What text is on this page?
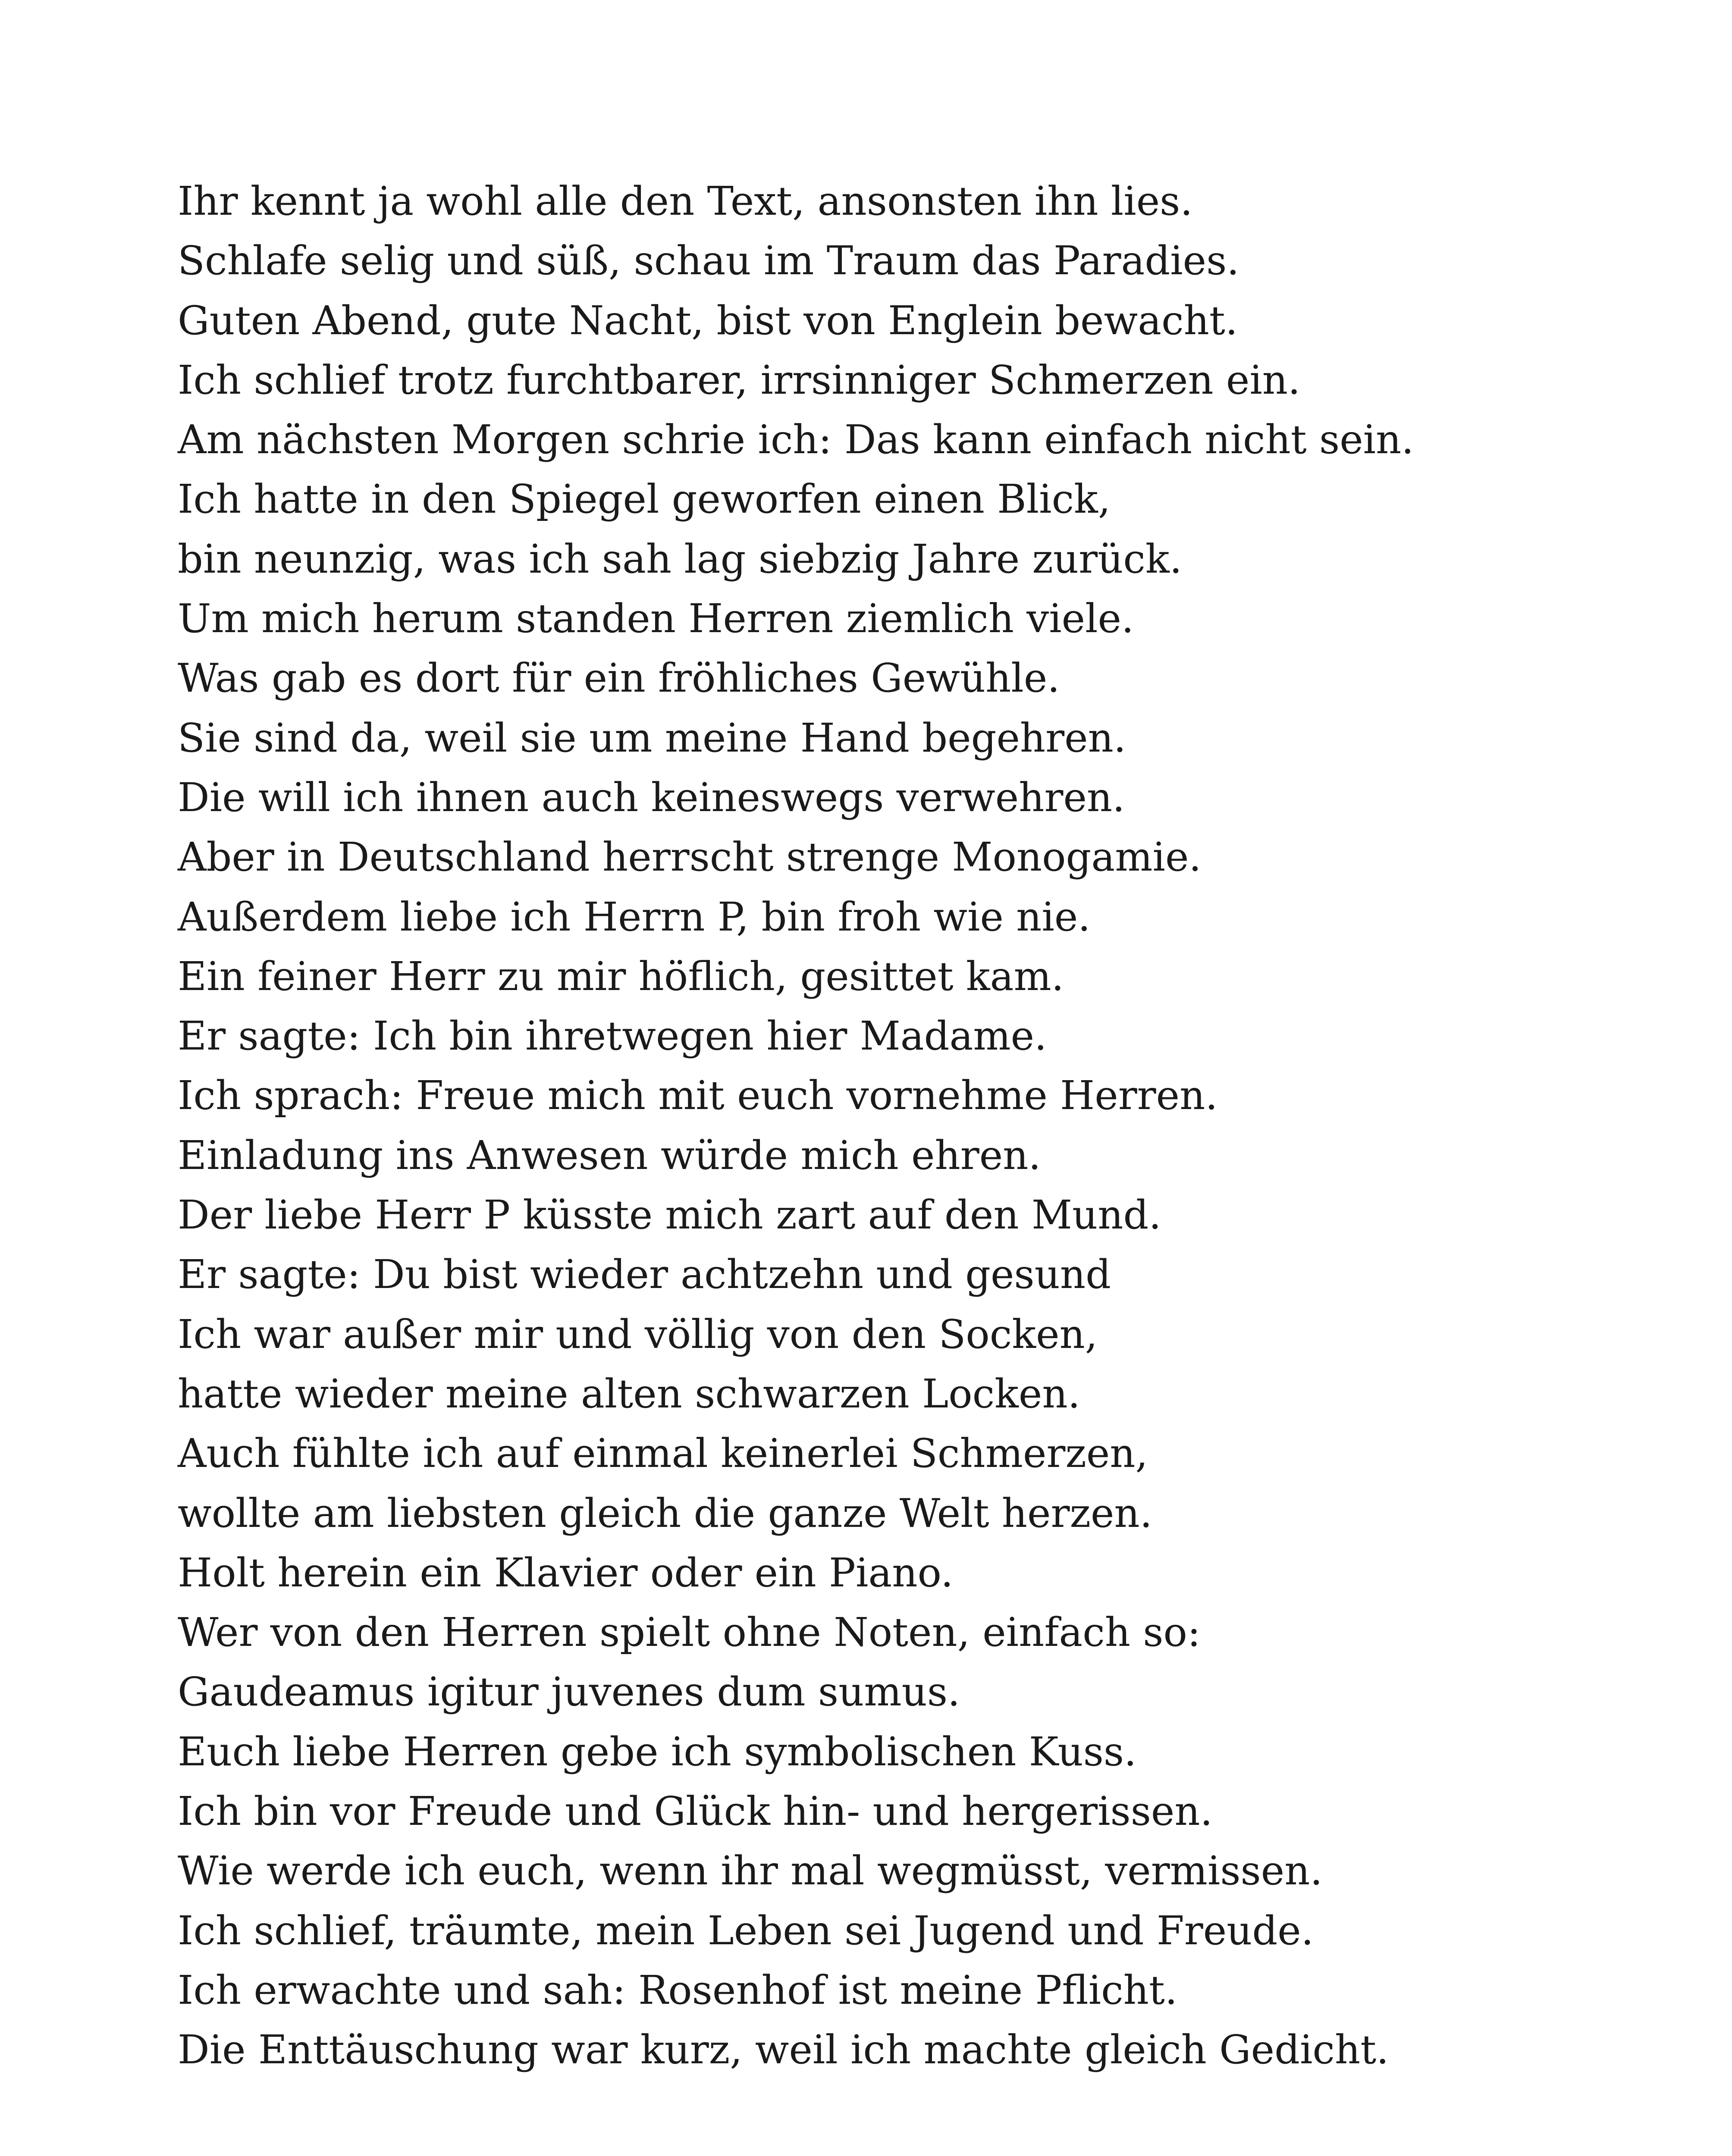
Ihr kennt ja wohl alle den Text, ansonsten ihn lies.

Schlafe selig und süß, schau im Traum das Paradies.

Guten Abend, gute Nacht, bist von Englein bewacht.

Ich schlief trotz furchtbarer, irrsinniger Schmerzen ein.

Am nächsten Morgen schrie ich: Das kann einfach nicht sein.

Ich hatte in den Spiegel geworfen einen Blick,

bin neunzig, was ich sah lag siebzig Jahre zurück.

Um mich herum standen Herren ziemlich viele.

Was gab es dort für ein fröhliches Gewühle.

Sie sind da, weil sie um meine Hand begehren.

Die will ich ihnen auch keineswegs verwehren.

Aber in Deutschland herrscht strenge Monogamie.

Außerdem liebe ich Herrn P, bin froh wie nie.

Ein feiner Herr zu mir höflich, gesittet kam.

Er sagte: Ich bin ihretwegen hier Madame.

Ich sprach: Freue mich mit euch vornehme Herren.

Einladung ins Anwesen würde mich ehren.

Der liebe Herr P küsste mich zart auf den Mund.

Er sagte: Du bist wieder achtzehn und gesund

Ich war außer mir und völlig von den Socken,

hatte wieder meine alten schwarzen Locken.

Auch fühlte ich auf einmal keinerlei Schmerzen,

wollte am liebsten gleich die ganze Welt herzen.

Holt herein ein Klavier oder ein Piano.

Wer von den Herren spielt ohne Noten, einfach so:

Gaudeamus igitur juvenes dum sumus.

Euch liebe Herren gebe ich symbolischen Kuss.

Ich bin vor Freude und Glück hin- und hergerissen.

Wie werde ich euch, wenn ihr mal wegmüsst, vermissen.

Ich schlief, träumte, mein Leben sei Jugend und Freude.

Ich erwachte und sah: Rosenhof ist meine Pflicht.

Die Enttäuschung war kurz, weil ich machte gleich Gedicht.
